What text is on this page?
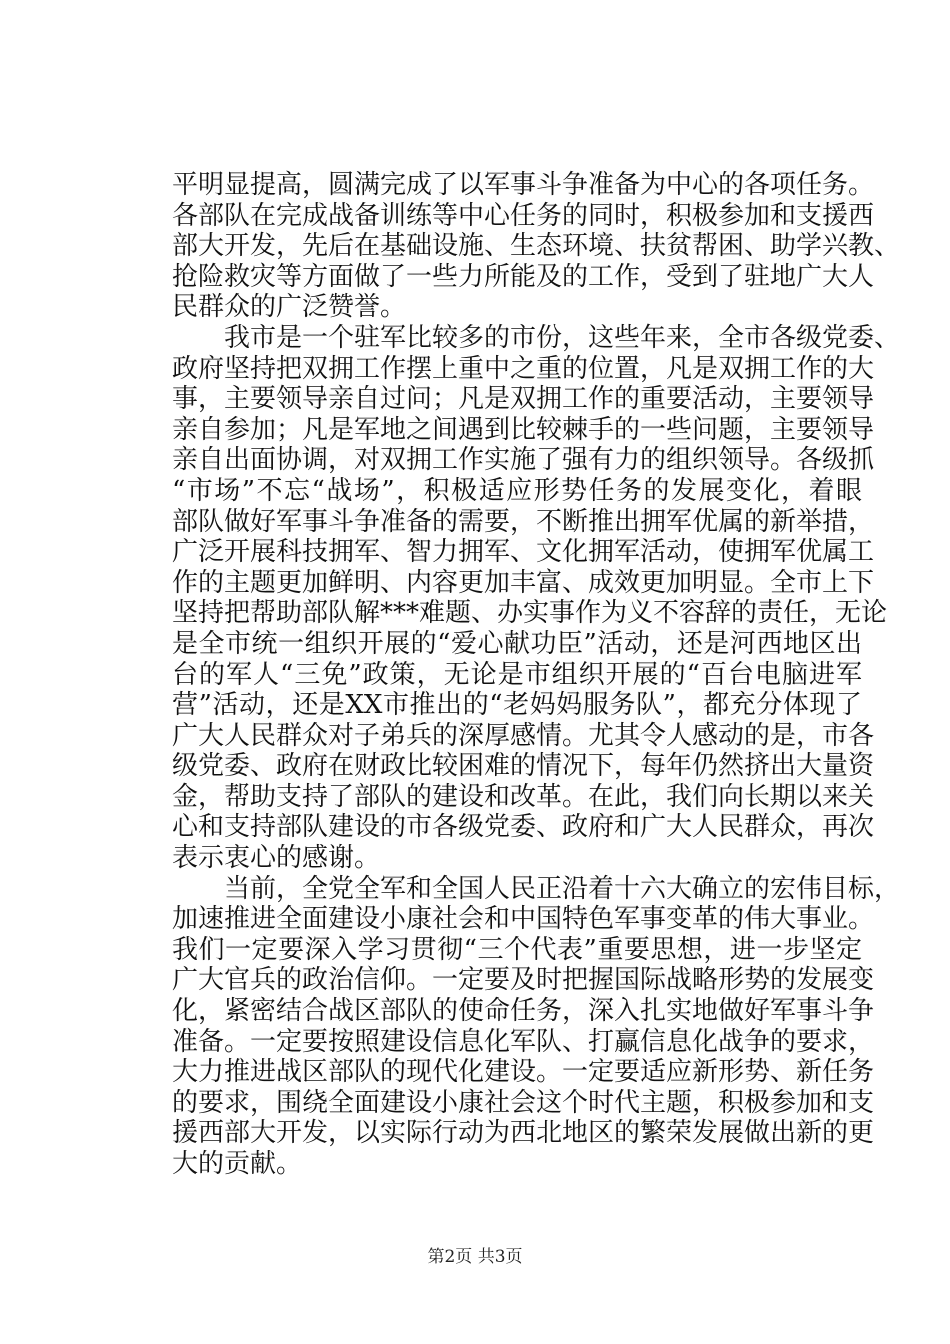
平明显提高，圆满完成了以军事斗争准备为中心的各项任务。
各部队在完成战备训练等中心任务的同时，积极参加和支援西
部大开发，先后在基础设施、生态环境、扶贫帮困、助学兴教、
抢险救灾等方面做了一些力所能及的工作，受到了驻地广大人
民群众的广泛赞誉。
　　我市是一个驻军比较多的市份，这些年来，全市各级党委、
政府坚持把双拥工作摆上重中之重的位置，凡是双拥工作的大
事，主要领导亲自过问；凡是双拥工作的重要活动，主要领导
亲自参加；凡是军地之间遇到比较棘手的一些问题，主要领导
亲自出面协调，对双拥工作实施了强有力的组织领导。各级抓
“市场”不忘“战场”，积极适应形势任务的发展变化，着眼
部队做好军事斗争准备的需要，不断推出拥军优属的新举措，
广泛开展科技拥军、智力拥军、文化拥军活动，使拥军优属工
作的主题更加鲜明、内容更加丰富、成效更加明显。全市上下
坚持把帮助部队解***难题、办实事作为义不容辞的责任，无论
是全市统一组织开展的“爱心献功臣”活动，还是河西地区出
台的军人“三免”政策，无论是市组织开展的“百台电脑进军
营”活动，还是XX市推出的“老妈妈服务队”，都充分体现了
广大人民群众对子弟兵的深厚感情。尤其令人感动的是，市各
级党委、政府在财政比较困难的情况下，每年仍然挤出大量资
金，帮助支持了部队的建设和改革。在此，我们向长期以来关
心和支持部队建设的市各级党委、政府和广大人民群众，再次
表示衷心的感谢。
　　当前，全党全军和全国人民正沿着十六大确立的宏伟目标，
加速推进全面建设小康社会和中国特色军事变革的伟大事业。
我们一定要深入学习贯彻“三个代表”重要思想，进一步坚定
广大官兵的政治信仰。一定要及时把握国际战略形势的发展变
化，紧密结合战区部队的使命任务，深入扎实地做好军事斗争
准备。一定要按照建设信息化军队、打赢信息化战争的要求，
大力推进战区部队的现代化建设。一定要适应新形势、新任务
的要求，围绕全面建设小康社会这个时代主题，积极参加和支
援西部大开发，以实际行动为西北地区的繁荣发展做出新的更
大的贡献。
第2页 共3页
